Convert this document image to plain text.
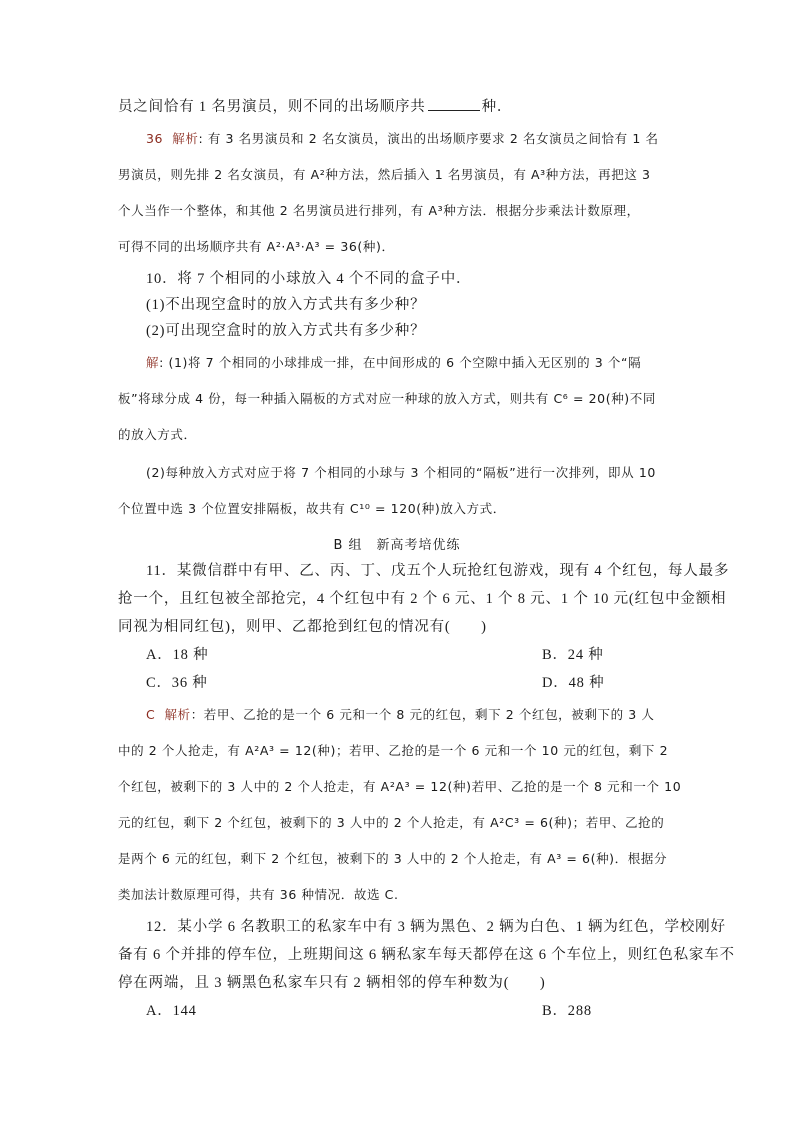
员之间恰有 1 名男演员，则不同的出场顺序共	种．
36 解析: 有 3 名男演员和 2 名女演员，演出的出场顺序要求 2 名女演员之间恰有 1 名
男演员，则先排 2 名女演员，有 A²种方法，然后插入 1 名男演员，有 A³种方法，再把这 3
个人当作一个整体，和其他 2 名男演员进行排列，有 A³种方法．根据分步乘法计数原理，
可得不同的出场顺序共有 A²·A³·A³ = 36(种)．
10．将 7 个相同的小球放入 4 个不同的盒子中．
(1)不出现空盒时的放入方式共有多少种？
(2)可出现空盒时的放入方式共有多少种？
解: (1)将 7 个相同的小球排成一排，在中间形成的 6 个空隙中插入无区别的 3 个“隔
板”将球分成 4 份，每一种插入隔板的方式对应一种球的放入方式，则共有 C⁶ = 20(种)不同
的放入方式．
(2)每种放入方式对应于将 7 个相同的小球与 3 个相同的“隔板”进行一次排列，即从 10
个位置中选 3 个位置安排隔板，故共有 C¹⁰ = 120(种)放入方式．
B 组　新高考培优练
11．某微信群中有甲、乙、丙、丁、戊五个人玩抢红包游戏，现有 4 个红包，每人最多
抢一个，且红包被全部抢完，4 个红包中有 2 个 6 元、1 个 8 元、1 个 10 元(红包中金额相
同视为相同红包)，则甲、乙都抢到红包的情况有(　　)
A．18 种	B．24 种
C．36 种	D．48 种
C 解析：若甲、乙抢的是一个 6 元和一个 8 元的红包，剩下 2 个红包，被剩下的 3 人
中的 2 个人抢走，有 A²A³ = 12(种)；若甲、乙抢的是一个 6 元和一个 10 元的红包，剩下 2
个红包，被剩下的 3 人中的 2 个人抢走，有 A²A³ = 12(种)若甲、乙抢的是一个 8 元和一个 10
元的红包，剩下 2 个红包，被剩下的 3 人中的 2 个人抢走，有 A²C³ = 6(种)；若甲、乙抢的
是两个 6 元的红包，剩下 2 个红包，被剩下的 3 人中的 2 个人抢走，有 A³ = 6(种)．根据分
类加法计数原理可得，共有 36 种情况．故选 C.
12．某小学 6 名教职工的私家车中有 3 辆为黑色、2 辆为白色、1 辆为红色，学校刚好
备有 6 个并排的停车位，上班期间这 6 辆私家车每天都停在这 6 个车位上，则红色私家车不
停在两端，且 3 辆黑色私家车只有 2 辆相邻的停车种数为(　　)
A．144	B．288
